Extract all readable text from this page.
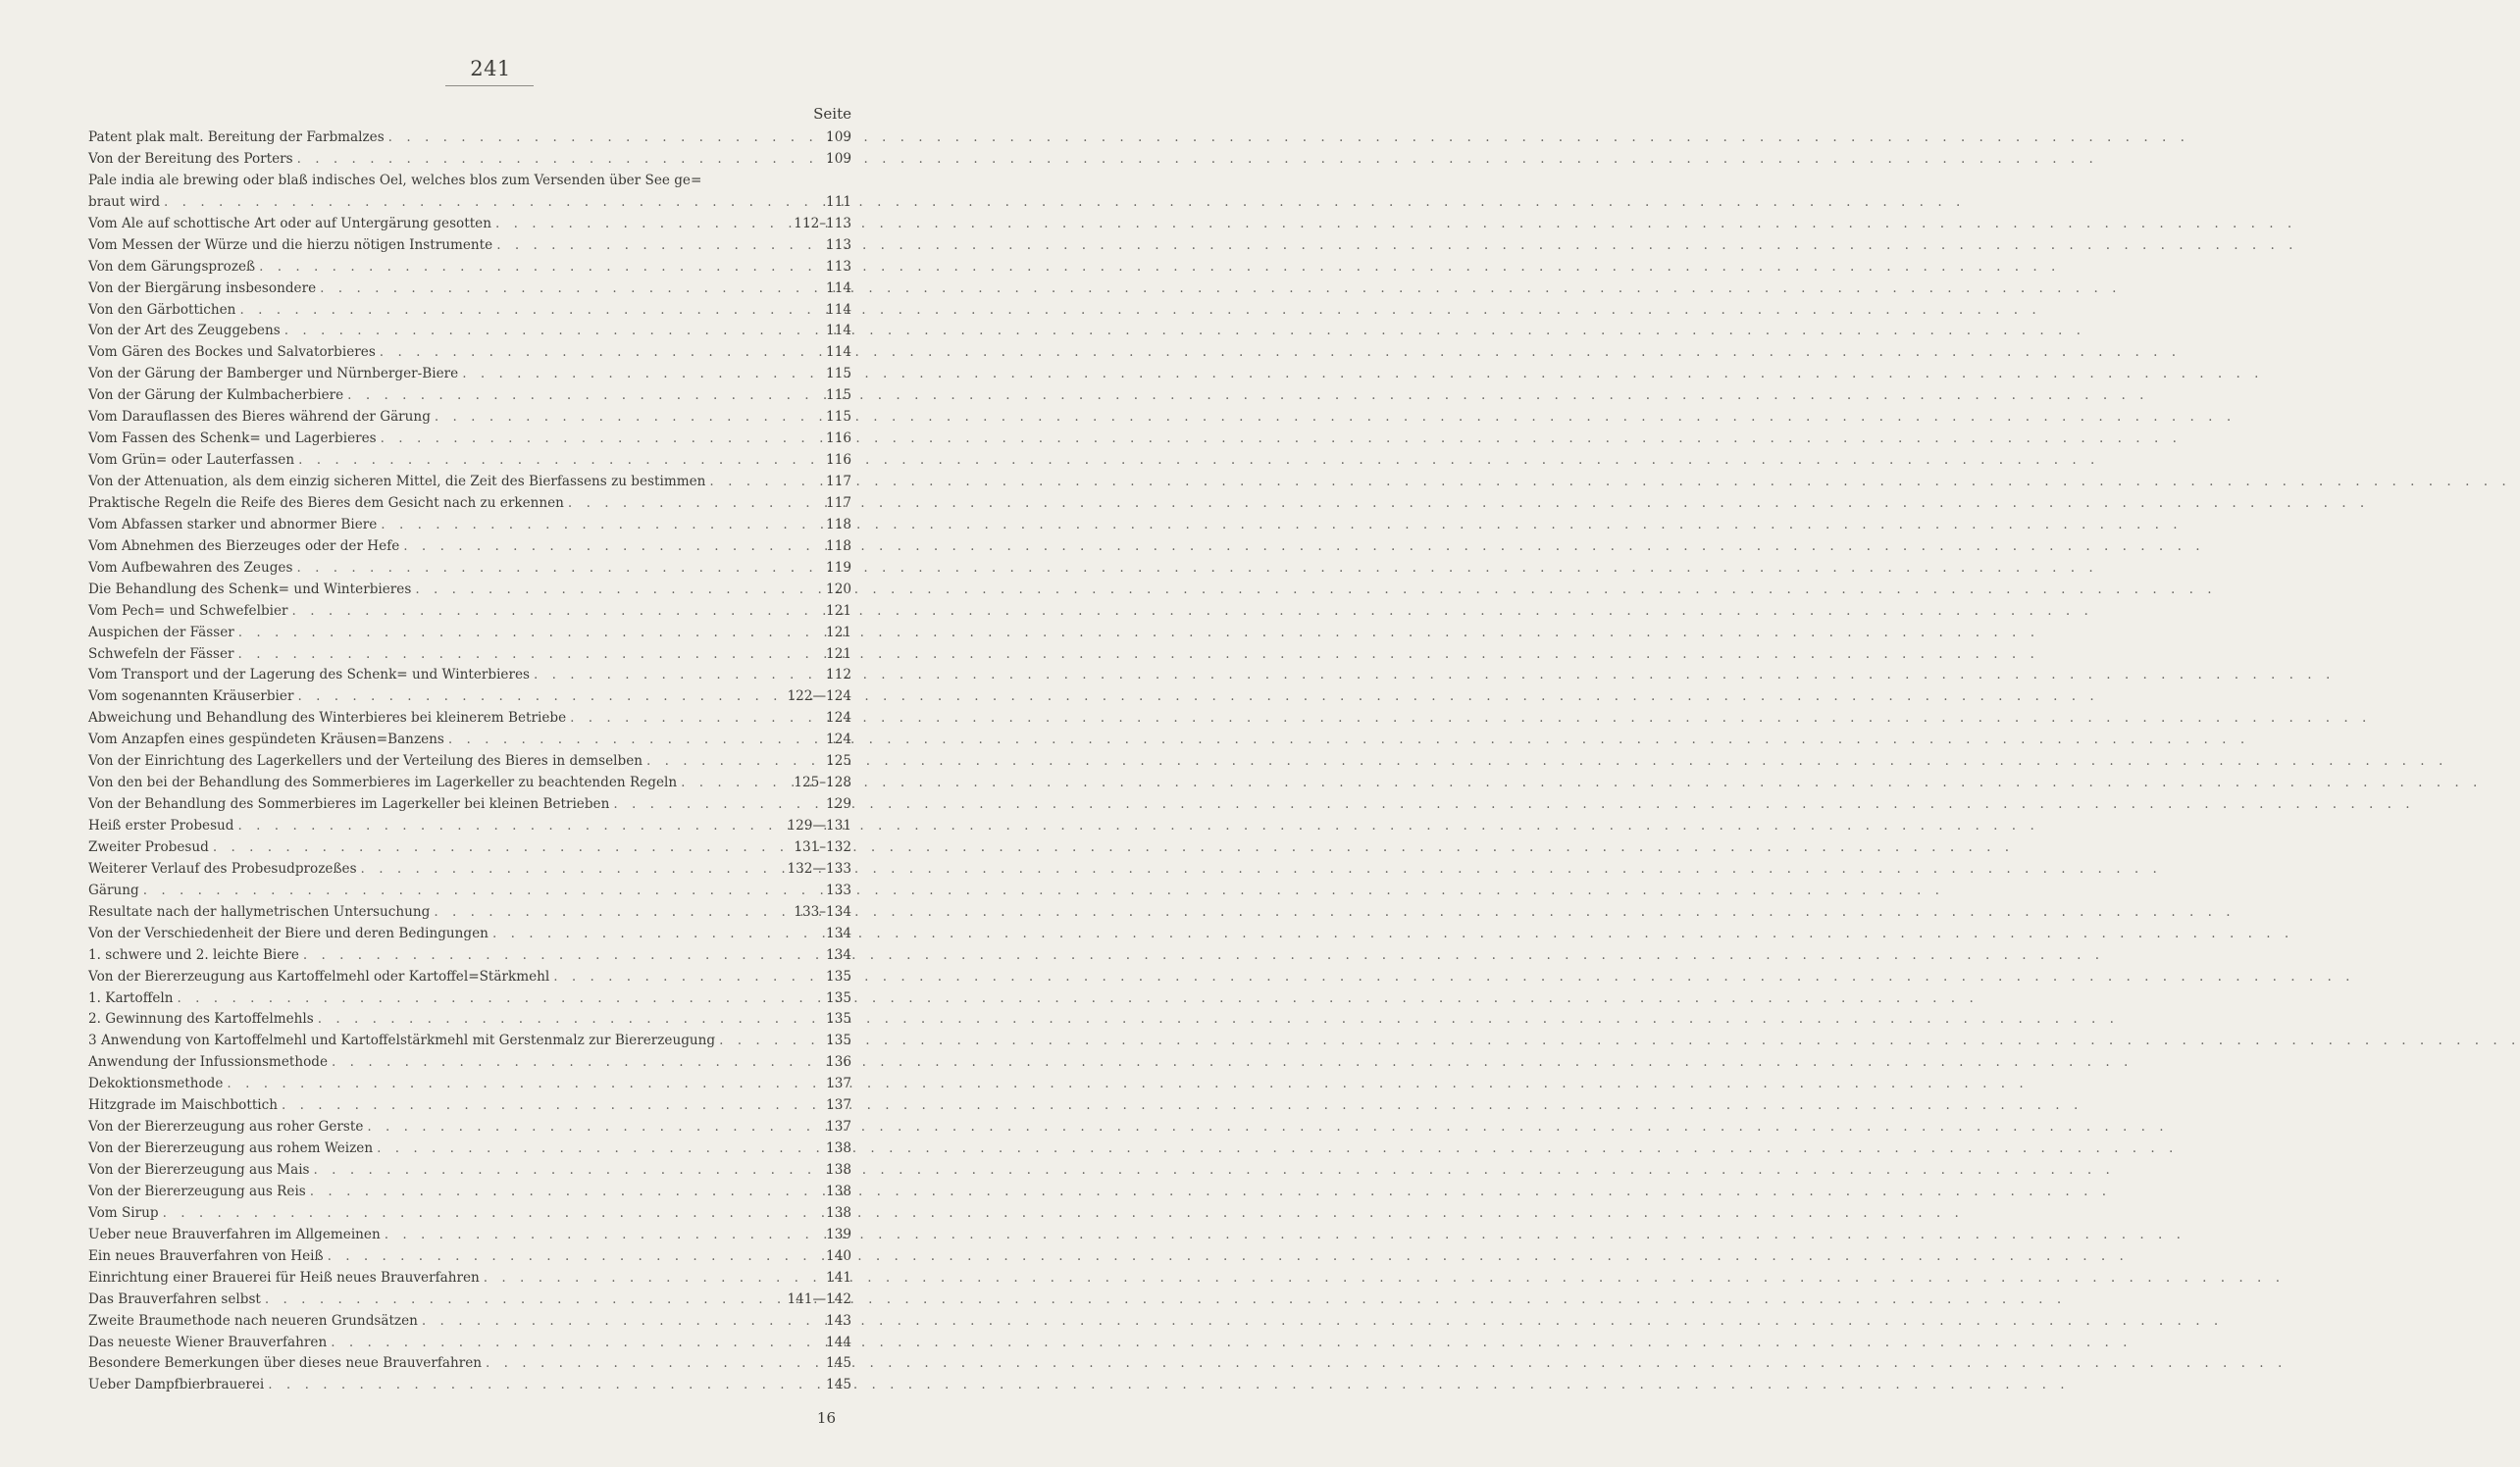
241
Seite
Patent plak malt. Bereitung der Farbmalzes . . .	109
Von der Bereitung des Porters . . .	109
Pale india ale brewing oder blaß indisches Oel, welches blos zum Versenden über See ge=
braut wird . . .	111
Vom Ale auf schottische Art oder auf Untergärung gesotten . . .	112–113
Vom Messen der Würze und die hierzu nötigen Instrumente . . .	113
Von dem Gärungsprozeß . . .	113
Von der Biergärung insbesondere . . .	114
Von den Gärbottichen . . .	114
Von der Art des Zeuggebens . . .	114
Vom Gären des Bockes und Salvatorbieres . . .	114
Von der Gärung der Bamberger und Nürnberger-Biere . . .	115
Von der Gärung der Kulmbacherbiere . . .	115
Vom Darauflassen des Bieres während der Gärung . . .	115
Vom Fassen des Schenk= und Lagerbieres . . .	116
Vom Grün= oder Lauterfassen . . .	116
Von der Attenuation, als dem einzig sicheren Mittel, die Zeit des Bierfassens zu bestimmen . . .	117
Praktische Regeln die Reife des Bieres dem Gesicht nach zu erkennen . . .	117
Vom Abfassen starker und abnormer Biere . . .	118
Vom Abnehmen des Bierzeuges oder der Hefe . . .	118
Vom Aufbewahren des Zeuges . . .	119
Die Behandlung des Schenk= und Winterbieres . . .	120
Vom Pech= und Schwefelbier . . .	121
Auspichen der Fässer . . .	121
Schwefeln der Fässer . . .	121
Vom Transport und der Lagerung des Schenk= und Winterbieres . . .	112
Vom sogenannten Kräuserbier . . .	122—124
Abweichung und Behandlung des Winterbieres bei kleinerem Betriebe . . .	124
Vom Anzapfen eines gespündeten Kräusen=Banzens . . .	124
Von der Einrichtung des Lagerkellers und der Verteilung des Bieres in demselben . . .	125
Von den bei der Behandlung des Sommerbieres im Lagerkeller zu beachtenden Regeln . . .	125–128
Von der Behandlung des Sommerbieres im Lagerkeller bei kleinen Betrieben . . .	129
Heiß erster Probesud . . .	129—131
Zweiter Probesud . . .	131–132
Weiterer Verlauf des Probesudprozeßes . . .	132—133
Gärung . . .	133
Resultate nach der hallymetrischen Untersuchung . . .	133–134
Von der Verschiedenheit der Biere und deren Bedingungen . . .	134
1. schwere und 2. leichte Biere . . .	134
Von der Biererzeugung aus Kartoffelmehl oder Kartoffel=Stärkmehl . . .	135
1. Kartoffeln . . .	135
2. Gewinnung des Kartoffelmehls . . .	135
3 Anwendung von Kartoffelmehl und Kartoffelstärkmehl mit Gerstenmalz zur Biererzeugung . . .	135
Anwendung der Infussionsmethode . . .	136
Dekoktionsmethode . . .	137
Hitzgrade im Maischbottich . . .	137
Von der Biererzeugung aus roher Gerste . . .	137
Von der Biererzeugung aus rohem Weizen . . .	138
Von der Biererzeugung aus Mais . . .	138
Von der Biererzeugung aus Reis . . .	138
Vom Sirup . . .	138
Ueber neue Brauverfahren im Allgemeinen . . .	139
Ein neues Brauverfahren von Heiß . . .	140
Einrichtung einer Brauerei für Heiß neues Brauverfahren . . .	141
Das Brauverfahren selbst . . .	141—142
Zweite Braumethode nach neueren Grundsätzen . . .	143
Das neueste Wiener Brauverfahren . . .	144
Besondere Bemerkungen über dieses neue Brauverfahren . . .	145
Ueber Dampfbierbrauerei . . .	145
16
